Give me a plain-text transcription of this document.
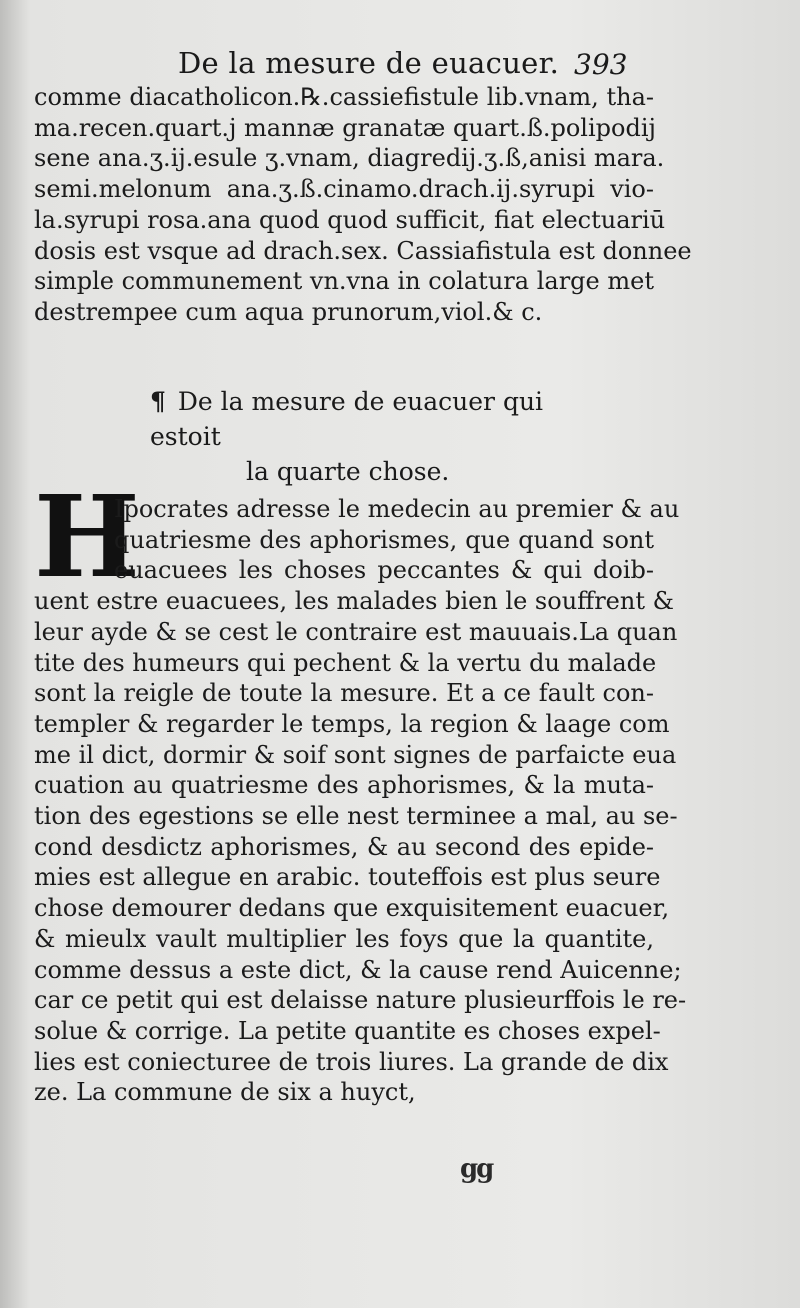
De la mesure de euacuer. 393
comme diacatholicon.℞.cassiefistule lib.vnam, tha-
ma.recen.quart.j mannæ granatæ quart.ß.polipodij
sene ana.ʒ.ij.esule ʒ.vnam, diagredij.ʒ.ß,anisi mara.
semi.melonum ana.ʒ.ß.cinamo.drach.ij.syrupi vio-
la.syrupi rosa.ana quod quod sufficit, fiat electuariū
dosis est vsque ad drach.sex. Cassiafistula est donnee
simple communement vn.vna in colatura large met
destrempee cum aqua prunorum,viol.& c.
¶ De la mesure de euacuer qui estoit
la quarte chose.
H
Ipocrates adresse le medecin au premier & au
quatriesme des aphorismes, que quand sont
euacuees les choses peccantes & qui doib-
uent estre euacuees, les malades bien le souffrent &
leur ayde & se cest le contraire est mauuais.La quan
tite des humeurs qui pechent & la vertu du malade
sont la reigle de toute la mesure. Et a ce fault con-
templer & regarder le temps, la region & laage com
me il dict, dormir & soif sont signes de parfaicte eua
cuation au quatriesme des aphorismes, & la muta-
tion des egestions se elle nest terminee a mal, au se-
cond desdictz aphorismes, & au second des epide-
mies est allegue en arabic. touteffois est plus seure
chose demourer dedans que exquisitement euacuer,
& mieulx vault multiplier les foys que la quantite,
comme dessus a este dict, & la cause rend Auicenne;
car ce petit qui est delaisse nature plusieurffois le re-
solue & corrige. La petite quantite es choses expel-
lies est coniecturee de trois liures. La grande de dix
ze. La commune de six a huyct,
gg
